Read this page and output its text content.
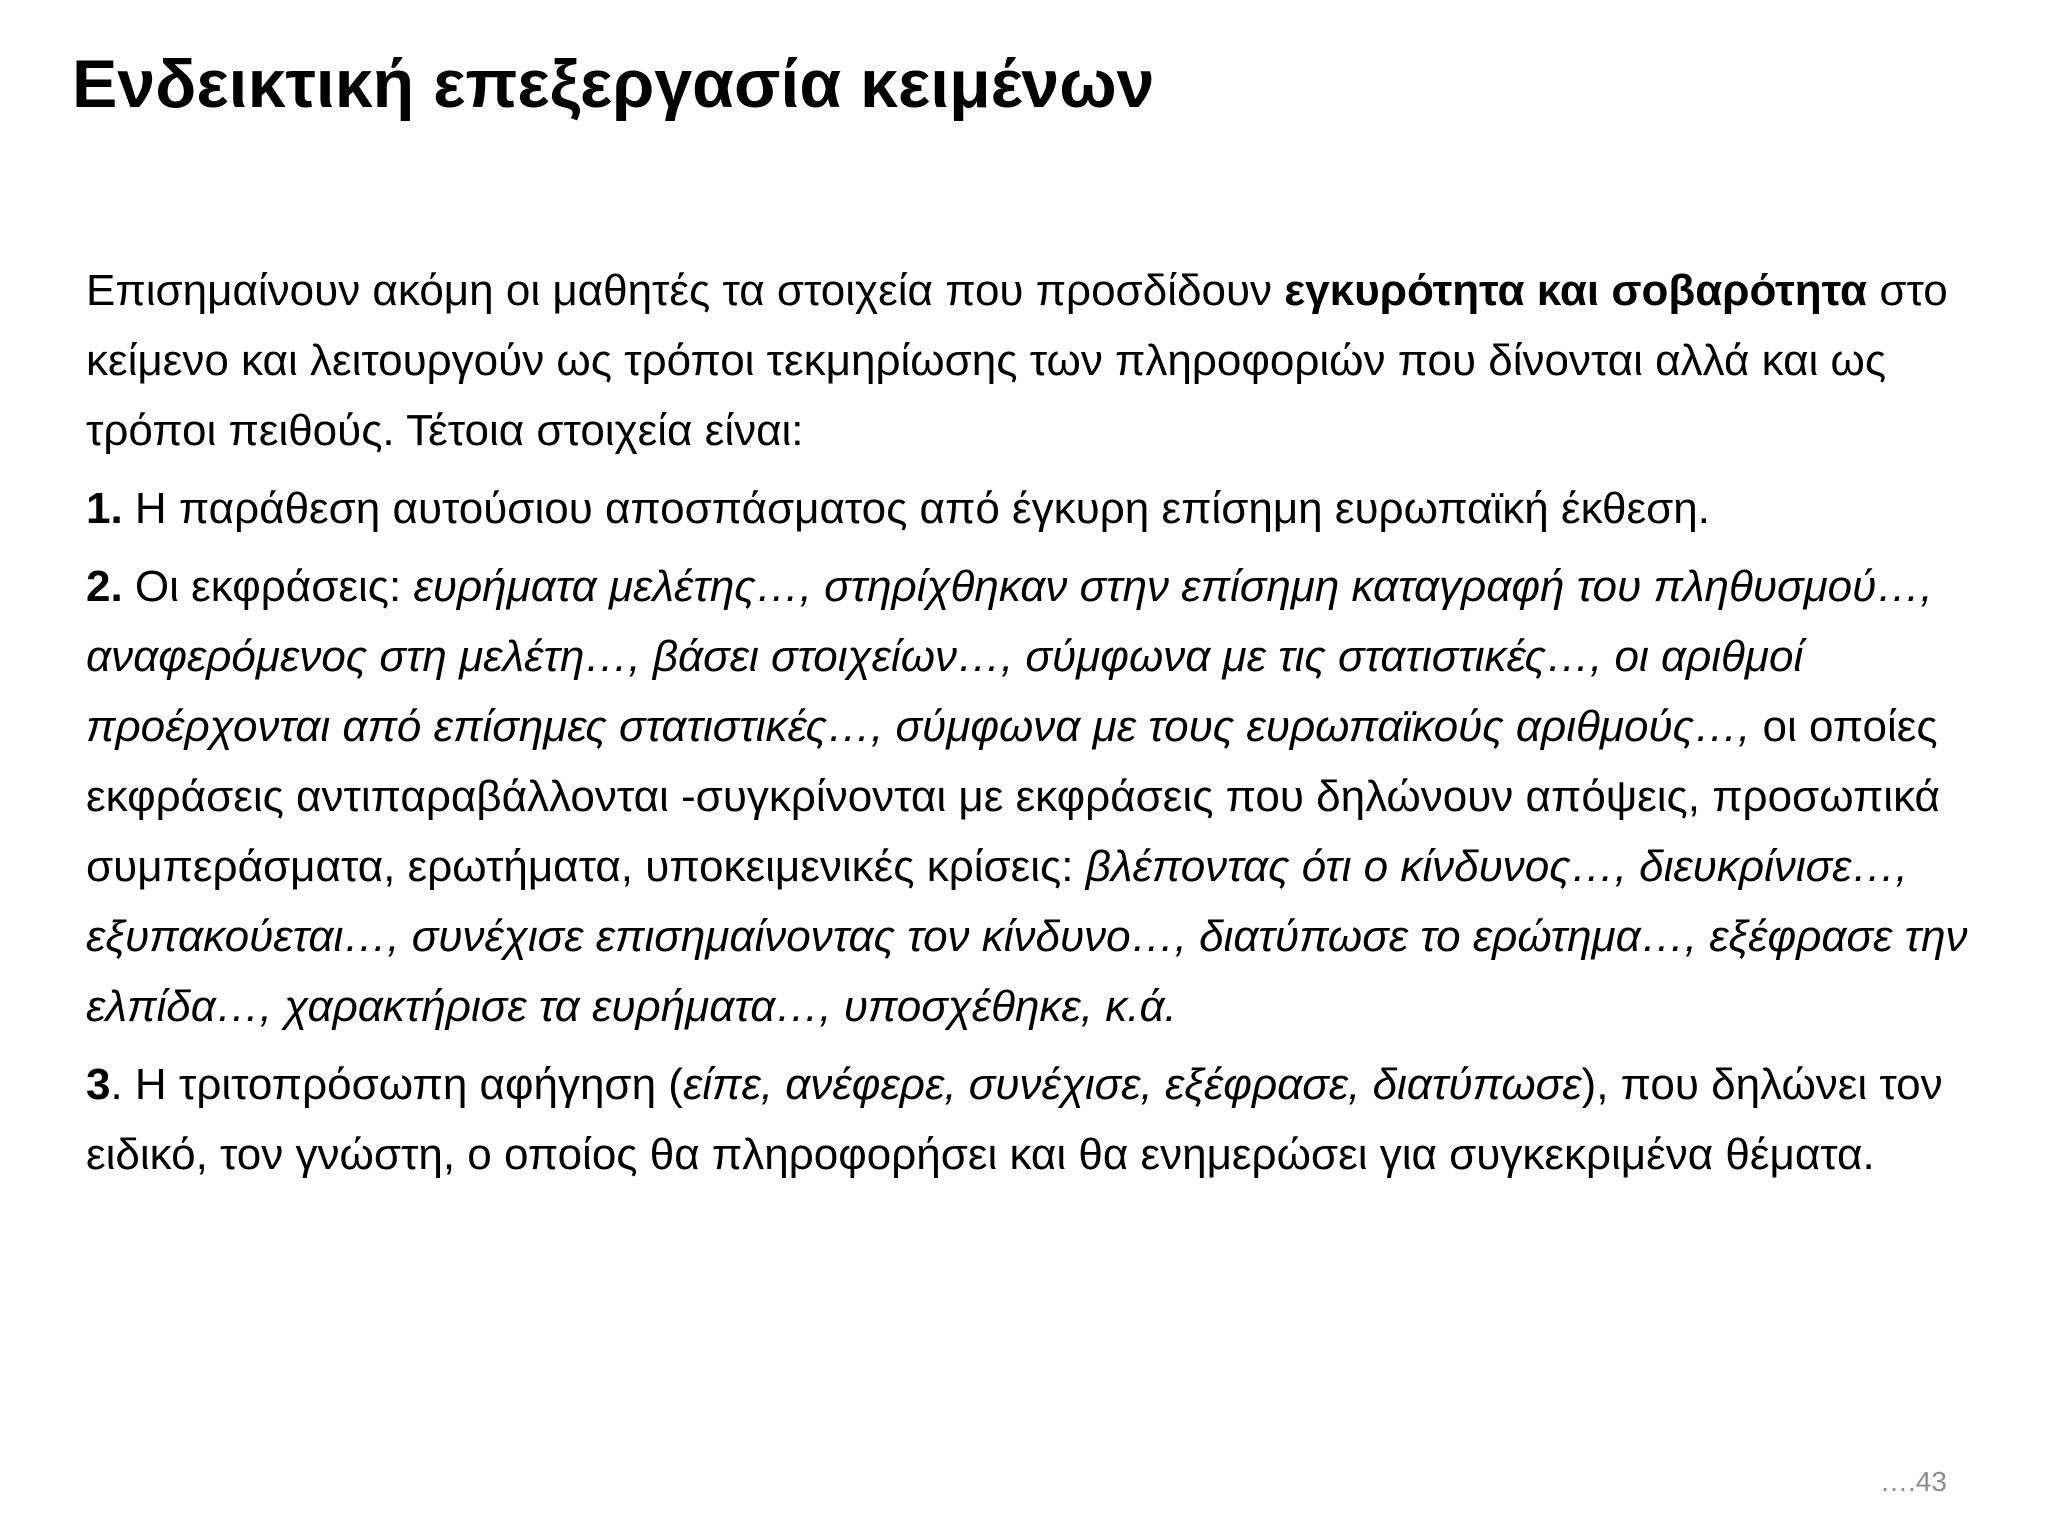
Ενδεικτική επεξεργασία κειμένων

Επισημαίνουν ακόμη οι μαθητές τα στοιχεία που προσδίδουν εγκυρότητα και σοβαρότητα στο κείμενο και λειτουργούν ως τρόποι τεκμηρίωσης των πληροφοριών που δίνονται αλλά και ως τρόποι πειθούς. Τέτοια στοιχεία είναι:

1. Η παράθεση αυτούσιου αποσπάσματος από έγκυρη επίσημη ευρωπαϊκή έκθεση.

2. Οι εκφράσεις: ευρήματα μελέτης…, στηρίχθηκαν στην επίσημη καταγραφή του πληθυσμού…, αναφερόμενος στη μελέτη…, βάσει στοιχείων…, σύμφωνα με τις στατιστικές…, οι αριθμοί προέρχονται από επίσημες στατιστικές…, σύμφωνα με τους ευρωπαϊκούς αριθμούς…, οι οποίες εκφράσεις αντιπαραβάλλονται -συγκρίνονται με εκφράσεις που δηλώνουν απόψεις, προσωπικά συμπεράσματα, ερωτήματα, υποκειμενικές κρίσεις: βλέποντας ότι ο κίνδυνος…, διευκρίνισε…, εξυπακούεται…, συνέχισε επισημαίνοντας τον κίνδυνο…, διατύπωσε το ερώτημα…, εξέφρασε την ελπίδα…, χαρακτήρισε τα ευρήματα…, υποσχέθηκε, κ.ά.

3. Η τριτοπρόσωπη αφήγηση (είπε, ανέφερε, συνέχισε, εξέφρασε, διατύπωσε), που δηλώνει τον ειδικό, τον γνώστη, ο οποίος θα πληροφορήσει και θα ενημερώσει για συγκεκριμένα θέματα.

….43
